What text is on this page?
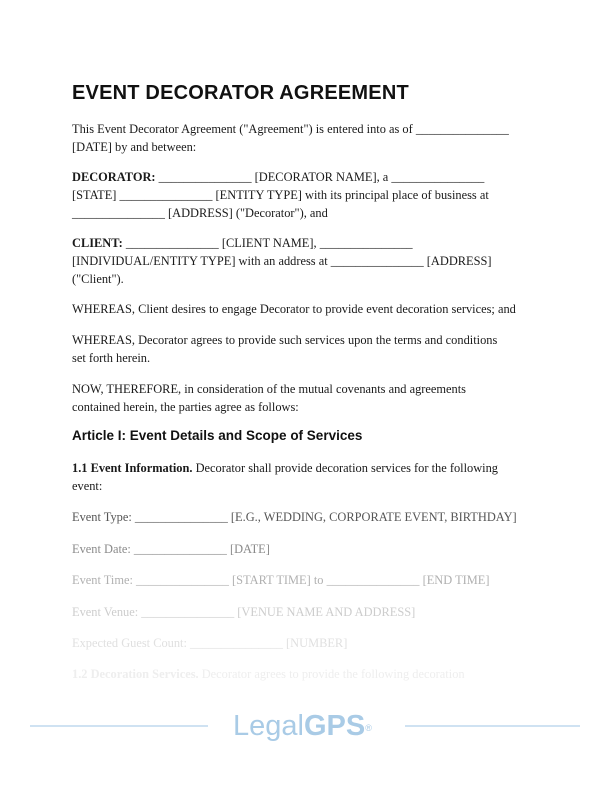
EVENT DECORATOR AGREEMENT

This Event Decorator Agreement ("Agreement") is entered into as of _______________
[DATE] by and between:

DECORATOR: _______________ [DECORATOR NAME], a _______________
[STATE] _______________ [ENTITY TYPE] with its principal place of business at
_______________ [ADDRESS] ("Decorator"), and

CLIENT: _______________ [CLIENT NAME], _______________
[INDIVIDUAL/ENTITY TYPE] with an address at _______________ [ADDRESS]
("Client").

WHEREAS, Client desires to engage Decorator to provide event decoration services; and

WHEREAS, Decorator agrees to provide such services upon the terms and conditions
set forth herein.

NOW, THEREFORE, in consideration of the mutual covenants and agreements
contained herein, the parties agree as follows:

Article I: Event Details and Scope of Services

1.1 Event Information. Decorator shall provide decoration services for the following
event:

Event Type: _______________ [E.G., WEDDING, CORPORATE EVENT, BIRTHDAY]

Event Date: _______________ [DATE]

Event Time: _______________ [START TIME] to _______________ [END TIME]

Event Venue: _______________ [VENUE NAME AND ADDRESS]

Expected Guest Count: _______________ [NUMBER]

1.2 Decoration Services. Decorator agrees to provide the following decoration

LegalGPS®
